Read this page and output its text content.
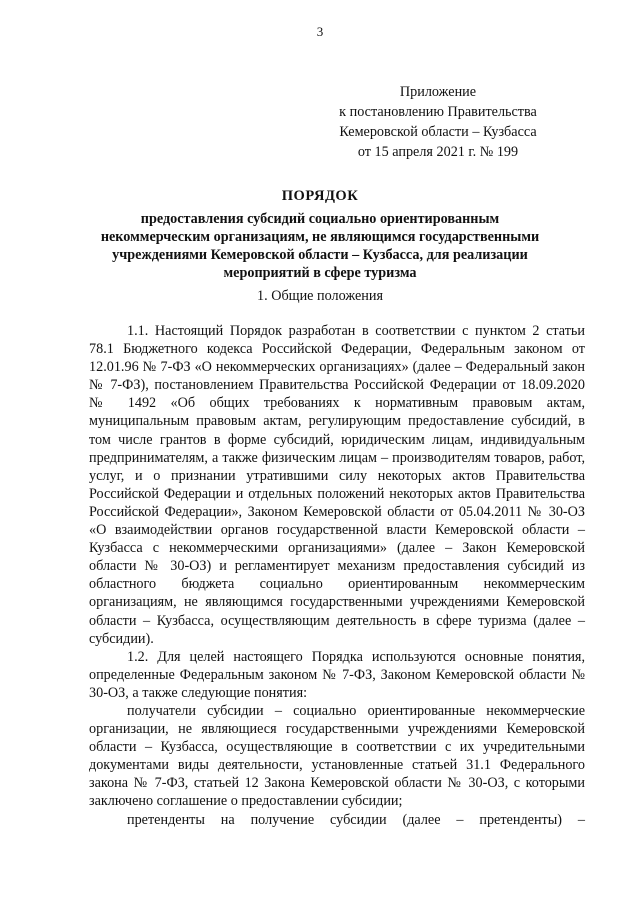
3
Приложение
к постановлению Правительства
Кемеровской области – Кузбасса
от 15 апреля 2021 г. № 199
ПОРЯДОК
предоставления субсидий социально ориентированным некоммерческим организациям, не являющимся государственными учреждениями Кемеровской области – Кузбасса, для реализации мероприятий в сфере туризма
1. Общие положения

1.1. Настоящий Порядок разработан в соответствии с пунктом 2 статьи 78.1 Бюджетного кодекса Российской Федерации, Федеральным законом от 12.01.96 № 7-ФЗ «О некоммерческих организациях» (далее – Федеральный закон № 7-ФЗ), постановлением Правительства Российской Федерации от 18.09.2020 № 1492 «Об общих требованиях к нормативным правовым актам, муниципальным правовым актам, регулирующим предоставление субсидий, в том числе грантов в форме субсидий, юридическим лицам, индивидуальным предпринимателям, а также физическим лицам – производителям товаров, работ, услуг, и о признании утратившими силу некоторых актов Правительства Российской Федерации и отдельных положений некоторых актов Правительства Российской Федерации», Законом Кемеровской области от 05.04.2011 № 30-ОЗ «О взаимодействии органов государственной власти Кемеровской области – Кузбасса с некоммерческими организациями» (далее – Закон Кемеровской области № 30-ОЗ) и регламентирует механизм предоставления субсидий из областного бюджета социально ориентированным некоммерческим организациям, не являющимся государственными учреждениями Кемеровской области – Кузбасса, осуществляющим деятельность в сфере туризма (далее – субсидии).

1.2. Для целей настоящего Порядка используются основные понятия, определенные Федеральным законом № 7-ФЗ, Законом Кемеровской области № 30-ОЗ, а также следующие понятия:

получатели субсидии – социально ориентированные некоммерческие организации, не являющиеся государственными учреждениями Кемеровской области – Кузбасса, осуществляющие в соответствии с их учредительными документами виды деятельности, установленные статьей 31.1 Федерального закона № 7-ФЗ, статьей 12 Закона Кемеровской области № 30-ОЗ, с которыми заключено соглашение о предоставлении субсидии;

претенденты на получение субсидии (далее – претенденты) –
